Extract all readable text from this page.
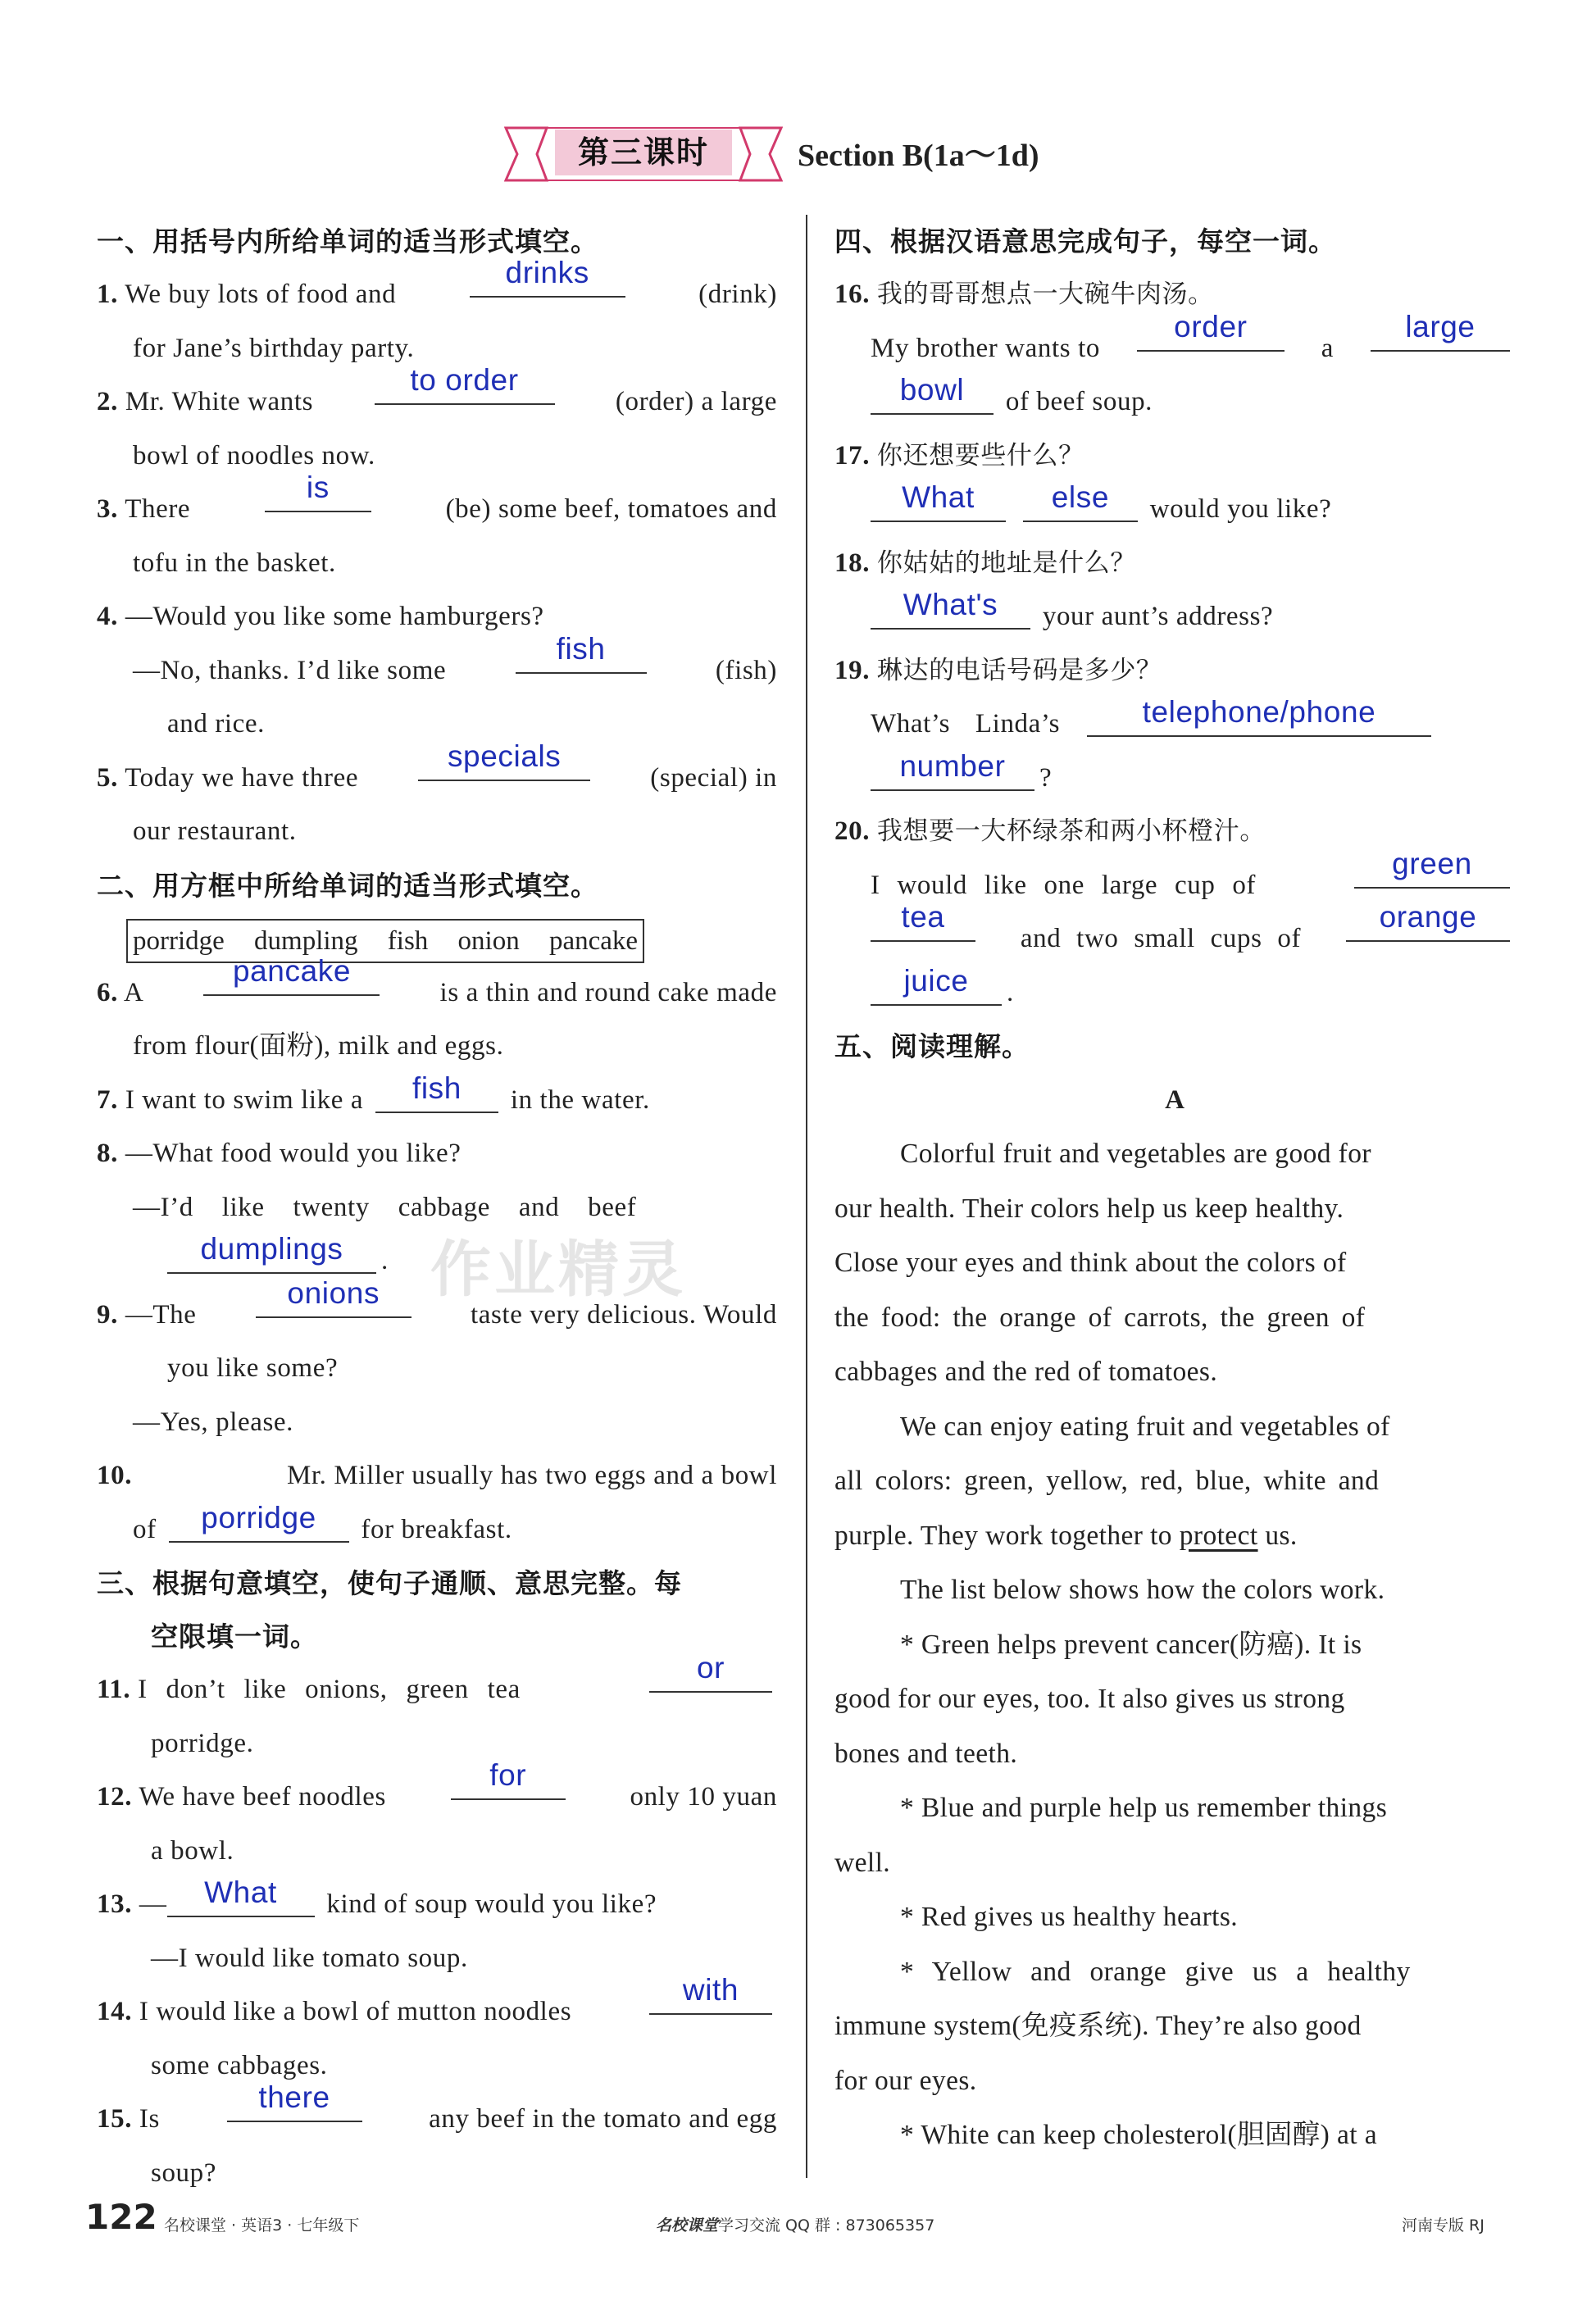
第三课时	Section B(1a～1d)
一、用括号内所给单词的适当形式填空。
1. We buy lots of food and
drinks
(drink)
for Jane’s birthday party.
2. Mr. White wants
to order
(order) a large
bowl of noodles now.
3. There
is
(be) some beef, tomatoes and
tofu in the basket.
4. —Would you like some hamburgers?
—No, thanks. I’d like some
fish
(fish)
and rice.
5. Today we have three
specials
(special) in
our restaurant.
二、用方框中所给单词的适当形式填空。
porridge dumpling fish onion pancake
6. A
pancake
is a thin and round cake made
from flour(面粉), milk and eggs.
7. I want to swim like a	fish	in the water.
8. —What food would you like?
—I’d like twenty cabbage and beef
dumplings	.
9. —The
onions
taste very delicious. Would
you like some?
—Yes, please.
10.	Mr. Miller usually has two eggs and a bowl
of	porridge	for breakfast.
三、根据句意填空，使句子通顺、意思完整。每
空限填一词。
11. I don’t like onions, green tea
or
porridge.
12. We have beef noodles
for
only 10 yuan
a bowl.
13. —	What	kind of soup would you like?
—I would like tomato soup.
14. I would like a bowl of mutton noodles
with
some cabbages.
15. Is
there
any beef in the tomato and egg
soup?
四、根据汉语意思完成句子，每空一词。
16. 我的哥哥想点一大碗牛肉汤。
My brother wants to
order
a
large
bowl	of beef soup.
17. 你还想要些什么？
What
	else	would you like?
18. 你姑姑的地址是什么？
What's	your aunt’s address?
19. 琳达的电话号码是多少？
What’s Linda’s	telephone/phone
number	?
20. 我想要一大杯绿茶和两小杯橙汁。
I would like one large cup of
green
tea
and two small cups of
orange
juice	.
五、阅读理解。
A
Colorful fruit and vegetables are good for
our health. Their colors help us keep healthy.
Close your eyes and think about the colors of
the food: the orange of carrots, the green of
cabbages and the red of tomatoes.
We can enjoy eating fruit and vegetables of
all colors: green, yellow, red, blue, white and
purple. They work together to protect us.
The list below shows how the colors work.
* Green helps prevent cancer(防癌). It is
good for our eyes, too. It also gives us strong
bones and teeth.
* Blue and purple help us remember things
well.
* Red gives us healthy hearts.
* Yellow and orange give us a healthy
immune system(免疫系统). They’re also good
for our eyes.
* White can keep cholesterol(胆固醇) at a
作业精灵
122 名校课堂 · 英语3 · 七年级下	名校课堂学习交流 QQ 群 : 873065357	河南专版 RJ
